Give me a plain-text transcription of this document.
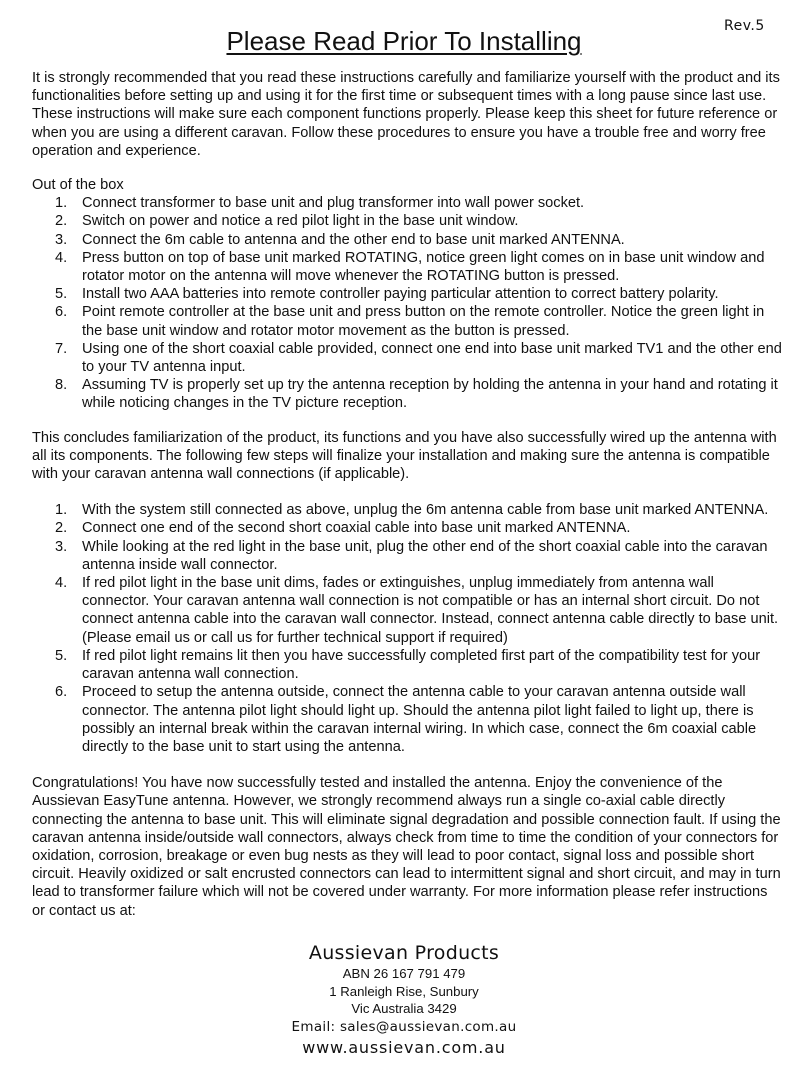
Rev.5
Please Read Prior To Installing

It is strongly recommended that you read these instructions carefully and familiarize yourself with the product and its functionalities before setting up and using it for the first time or subsequent times with a long pause since last use. These instructions will make sure each component functions properly. Please keep this sheet for future reference or when you are using a different caravan. Follow these procedures to ensure you have a trouble free and worry free operation and experience.

Out of the box

1. Connect transformer to base unit and plug transformer into wall power socket.
2. Switch on power and notice a red pilot light in the base unit window.
3. Connect the 6m cable to antenna and the other end to base unit marked ANTENNA.
4. Press button on top of base unit marked ROTATING, notice green light comes on in base unit window and rotator motor on the antenna will move whenever the ROTATING button is pressed.
5. Install two AAA batteries into remote controller paying particular attention to correct battery polarity.
6. Point remote controller at the base unit and press button on the remote controller. Notice the green light in the base unit window and rotator motor movement as the button is pressed.
7. Using one of the short coaxial cable provided, connect one end into base unit marked TV1 and the other end to your TV antenna input.
8. Assuming TV is properly set up try the antenna reception by holding the antenna in your hand and rotating it while noticing changes in the TV picture reception.

This concludes familiarization of the product, its functions and you have also successfully wired up the antenna with all its components. The following few steps will finalize your installation and making sure the antenna is compatible with your caravan antenna wall connections (if applicable).

1. With the system still connected as above, unplug the 6m antenna cable from base unit marked ANTENNA.
2. Connect one end of the second short coaxial cable into base unit marked ANTENNA.
3. While looking at the red light in the base unit, plug the other end of the short coaxial cable into the caravan antenna inside wall connector.
4. If red pilot light in the base unit dims, fades or extinguishes, unplug immediately from antenna wall connector. Your caravan antenna wall connection is not compatible or has an internal short circuit. Do not connect antenna cable into the caravan wall connector. Instead, connect antenna cable directly to base unit. (Please email us or call us for further technical support if required)
5. If red pilot light remains lit then you have successfully completed first part of the compatibility test for your caravan antenna wall connection.
6. Proceed to setup the antenna outside, connect the antenna cable to your caravan antenna outside wall connector. The antenna pilot light should light up. Should the antenna pilot light failed to light up, there is possibly an internal break within the caravan internal wiring. In which case, connect the 6m coaxial cable directly to the base unit to start using the antenna.

Congratulations! You have now successfully tested and installed the antenna. Enjoy the convenience of the Aussievan EasyTune antenna. However, we strongly recommend always run a single co-axial cable directly connecting the antenna to base unit. This will eliminate signal degradation and possible connection fault. If using the caravan antenna inside/outside wall connectors, always check from time to time the condition of your connectors for oxidation, corrosion, breakage or even bug nests as they will lead to poor contact, signal loss and possible short circuit. Heavily oxidized or salt encrusted connectors can lead to intermittent signal and short circuit, and may in turn lead to transformer failure which will not be covered under warranty. For more information please refer instructions or contact us at:

Aussievan Products
ABN 26 167 791 479
1 Ranleigh Rise, Sunbury
Vic Australia 3429
Email: sales@aussievan.com.au
www.aussievan.com.au
